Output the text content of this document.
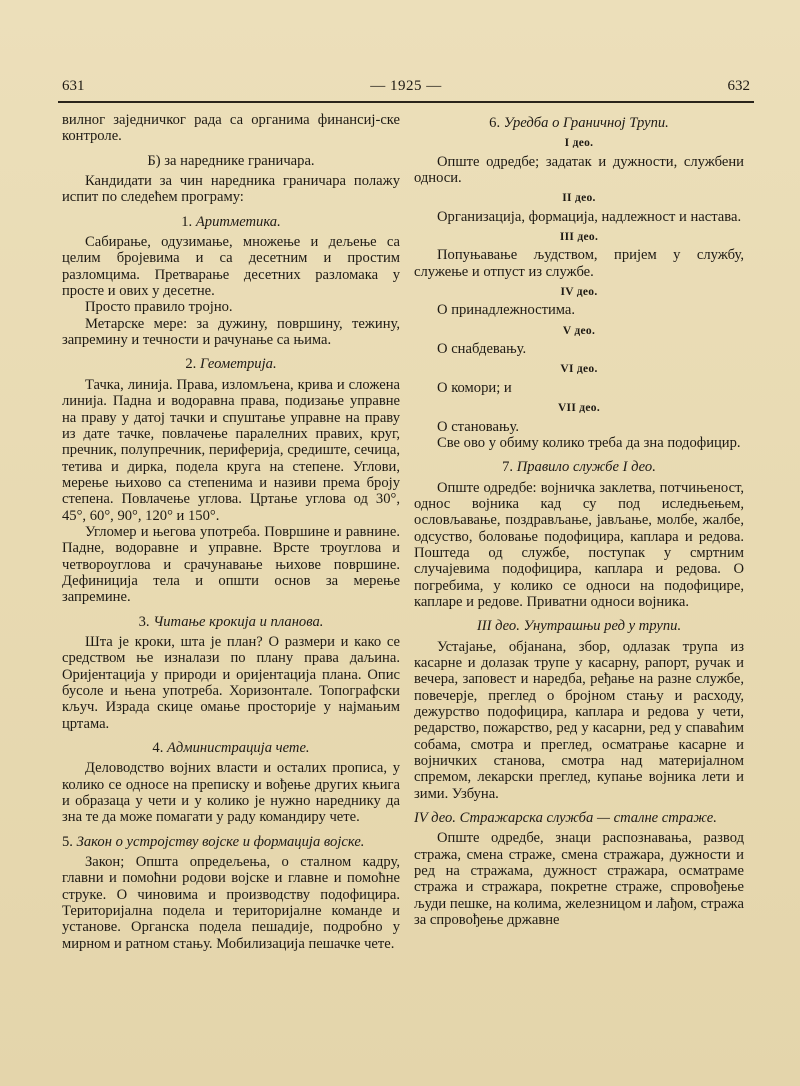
631	— 1925 —	632

вилног заједничког рада са органима финансиј-ске контроле.

Б) за нареднике граничара.

Кандидати за чин наредника граничара полажу испит по следећем програму:

1. Аритметика.

Сабирање, одузимање, множење и дељење са целим бројевима и са десетним и простим разломцима. Претварање десетних разломака у просте и ових у десетне.

Просто правило тројно.

Метарске мере: за дужину, површину, тежину, запремину и течности и рачунање са њима.

2. Геометрија.

Тачка, линија. Права, изломљена, крива и сложена линија. Падна и водоравна права, подизање управне на праву у датој тачки и спуштање управне на праву из дате тачке, повлачење паралелних правих, круг, пречник, полупречник, периферија, средиште, сечица, тетива и дирка, подела круга на степене. Углови, мерење њихово са степенима и називи према броју степена. Повлачење углова. Цртање углова од 30°, 45°, 60°, 90°, 120° и 150°.

Угломер и његова употреба. Површине и равнине. Падне, водоравне и управне. Врсте троуглова и четвороуглова и срачунавање њихове површине. Дефиниција тела и општи основ за мерење запремине.

3. Читање крокија и планова.

Шта је кроки, шта је план? О размери и како се средством ње изналази по плану права даљина. Оријентација у природи и оријентација плана. Опис бусоле и њена употреба. Хоризонтале. Топографски кључ. Израда скице омање просторије у најмањим цртама.

4. Администрација чете.

Деловодство војних власти и осталих прописа, у колико се односе на преписку и вођење других књига и образаца у чети и у колико је нужно нареднику да зна те да може помагати у раду командиру чете.

5. Закон о устројству војске и формација војске.

Закон; Општа опредељења, о сталном кадру, главни и помоћни родови војске и главне и помоћне струке. О чиновима и производству подофицира. Територијална подела и територијалне команде и установе. Органска подела пешадије, подробно у мирном и ратном стању. Мобилизација пешачке чете.

6. Уредба о Граничној Трупи.
I део.

Опште одредбе; задатак и дужности, службени односи.

II део.

Организација, формација, надлежност и настава.

III део.

Попуњавање људством, пријем у службу, служење и отпуст из службе.

IV део.

О принадлежностима.

V део.

О снабдевању.

VI део.

О комори; и

VII део.

О становању.

Све ово у обиму колико треба да зна подофицир.

7. Правило службе I део.

Опште одредбе: војничка заклетва, потчињеност, однос војника кад су под иследњењем, ословљавање, поздрављање, јављање, молбе, жалбе, одсуство, боловање подофицира, каплара и редова. Поштеда од службе, поступак у смртним случајевима подофицира, каплара и редова. О погребима, у колико се односи на подофицире, капларе и редове. Приватни односи војника.

III део. Унутрашњи ред у трупи.

Устајање, објанана, збор, одлазак трупа из касарне и долазак трупе у касарну, рапорт, ручак и вечера, заповест и наредба, ређање на разне службе, повечерје, преглед о бројном стању и расходу, дежурство подофицира, каплара и редова у чети, редарство, пожарство, ред у касарни, ред у спаваћим собама, смотра и преглед, осматрање касарне и војничких станова, смотра над материјалном спремом, лекарски преглед, купање војника лети и зими. Узбуна.

IV део. Стражарска служба — сталне страже.

Опште одредбе, знаци распознавања, развод стража, смена страже, смена стражара, дужности и ред на стражама, дужност стражара, осматраме стража и стражара, покретне страже, спровођење људи пешке, на колима, железницом и лађом, стража за спровођење државне
